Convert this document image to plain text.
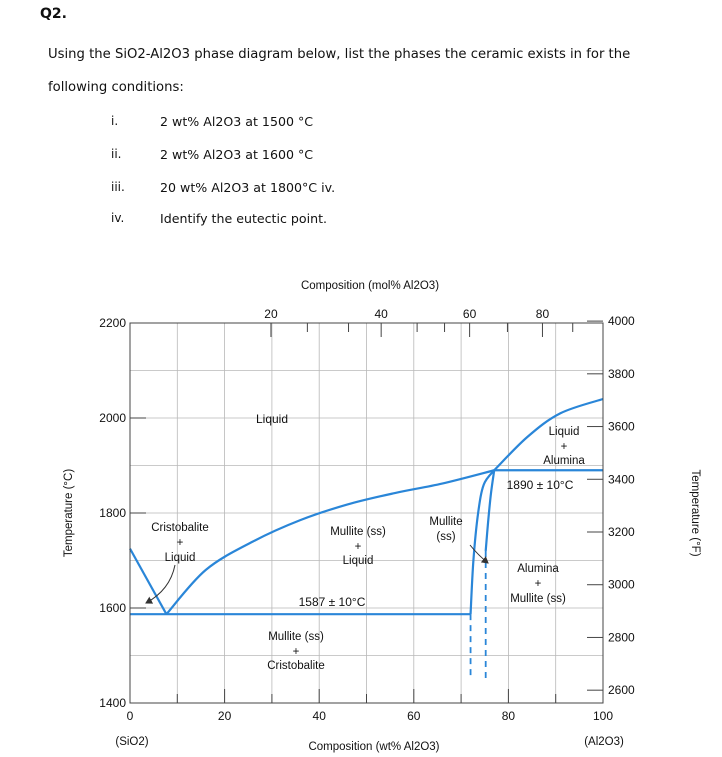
Q2.
Using the SiO2-Al2O3 phase diagram below, list the phases the ceramic exists in for the following conditions:
i.	2 wt% Al2O3 at 1500 °C
ii.	2 wt% Al2O3 at 1600 °C
iii.	20 wt% Al2O3 at 1800°C iv.
iv.	Identify the eutectic point.
0	20	40	60	80	100
20	40	60	80
1400
1600
1800
2000
2200
2600
2800
3000
3200
3400
3600
3800
4000
Composition (mol% Al2O3)
Composition (wt% Al2O3)
(SiO2)	(Al2O3)
Temperature (°C)	Temperature (°F)
Liquid
Liquid
+
Alumina
1890 ± 10°C
Cristobalite
+
Liquid
Mullite (ss)
+
Liquid
Mullite
(ss)
1587 ± 10°C
Alumina
+
Mullite (ss)
Mullite (ss)
+
Cristobalite
